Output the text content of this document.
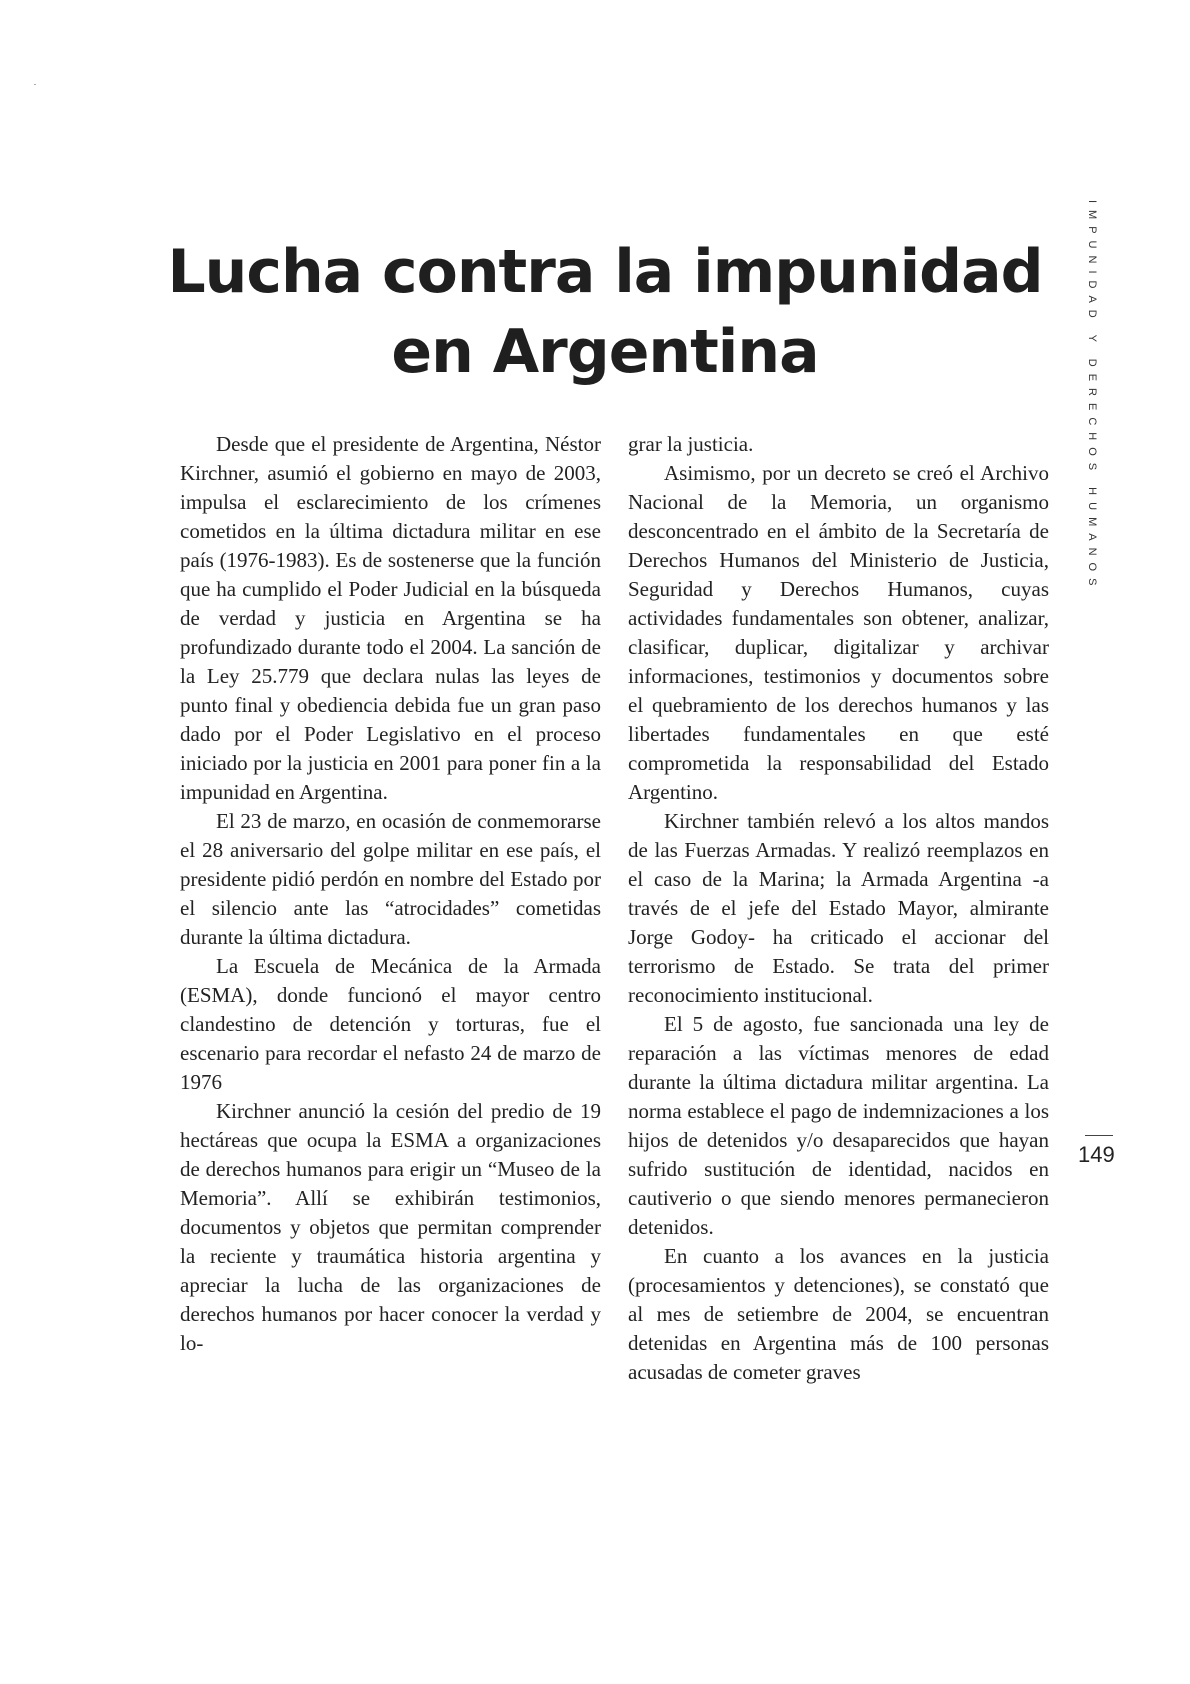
Lucha contra la impunidad
en Argentina

Desde que el presidente de Argentina, Néstor Kirchner, asumió el gobierno en mayo de 2003, impulsa el esclarecimiento de los crímenes cometidos en la última dictadura militar en ese país (1976-1983). Es de sostenerse que la función que ha cumplido el Poder Judicial en la búsqueda de verdad y justicia en Argentina se ha profundizado durante todo el 2004. La sanción de la Ley 25.779 que declara nulas las leyes de punto final y obediencia debida fue un gran paso dado por el Poder Legislativo en el proceso iniciado por la justicia en 2001 para poner fin a la impunidad en Argentina.

El 23 de marzo, en ocasión de conmemorarse el 28 aniversario del golpe militar en ese país, el presidente pidió perdón en nombre del Estado por el silencio ante las “atrocidades” cometidas durante la última dictadura.

La Escuela de Mecánica de la Armada (ESMA), donde funcionó el mayor centro clandestino de detención y torturas, fue el escenario para recordar el nefasto 24 de marzo de 1976

Kirchner anunció la cesión del predio de 19 hectáreas que ocupa la ESMA a organizaciones de derechos humanos para erigir un “Museo de la Memoria”. Allí se exhibirán testimonios, documentos y objetos que permitan comprender la reciente y traumática historia argentina y apreciar la lucha de las organizaciones de derechos humanos por hacer conocer la verdad y lo-

grar la justicia.

Asimismo, por un decreto se creó el Archivo Nacional de la Memoria, un organismo desconcentrado en el ámbito de la Secretaría de Derechos Humanos del Ministerio de Justicia, Seguridad y Derechos Humanos, cuyas actividades fundamentales son obtener, analizar, clasificar, duplicar, digitalizar y archivar informaciones, testimonios y documentos sobre el quebramiento de los derechos humanos y las libertades fundamentales en que esté comprometida la responsabilidad del Estado Argentino.

Kirchner también relevó a los altos mandos de las Fuerzas Armadas. Y realizó reemplazos en el caso de la Marina; la Armada Argentina -a través de el jefe del Estado Mayor, almirante Jorge Godoy- ha criticado el accionar del terrorismo de Estado. Se trata del primer reconocimiento institucional.

El 5 de agosto, fue sancionada una ley de reparación a las víctimas menores de edad durante la última dictadura militar argentina. La norma establece el pago de indemnizaciones a los hijos de detenidos y/o desaparecidos que hayan sufrido sustitución de identidad, nacidos en cautiverio o que siendo menores permanecieron detenidos.

En cuanto a los avances en la justicia (procesamientos y detenciones), se constató que al mes de setiembre de 2004, se encuentran detenidas en Argentina más de 100 personas acusadas de cometer graves

IMPUNIDAD Y DERECHOS HUMANOS
149
